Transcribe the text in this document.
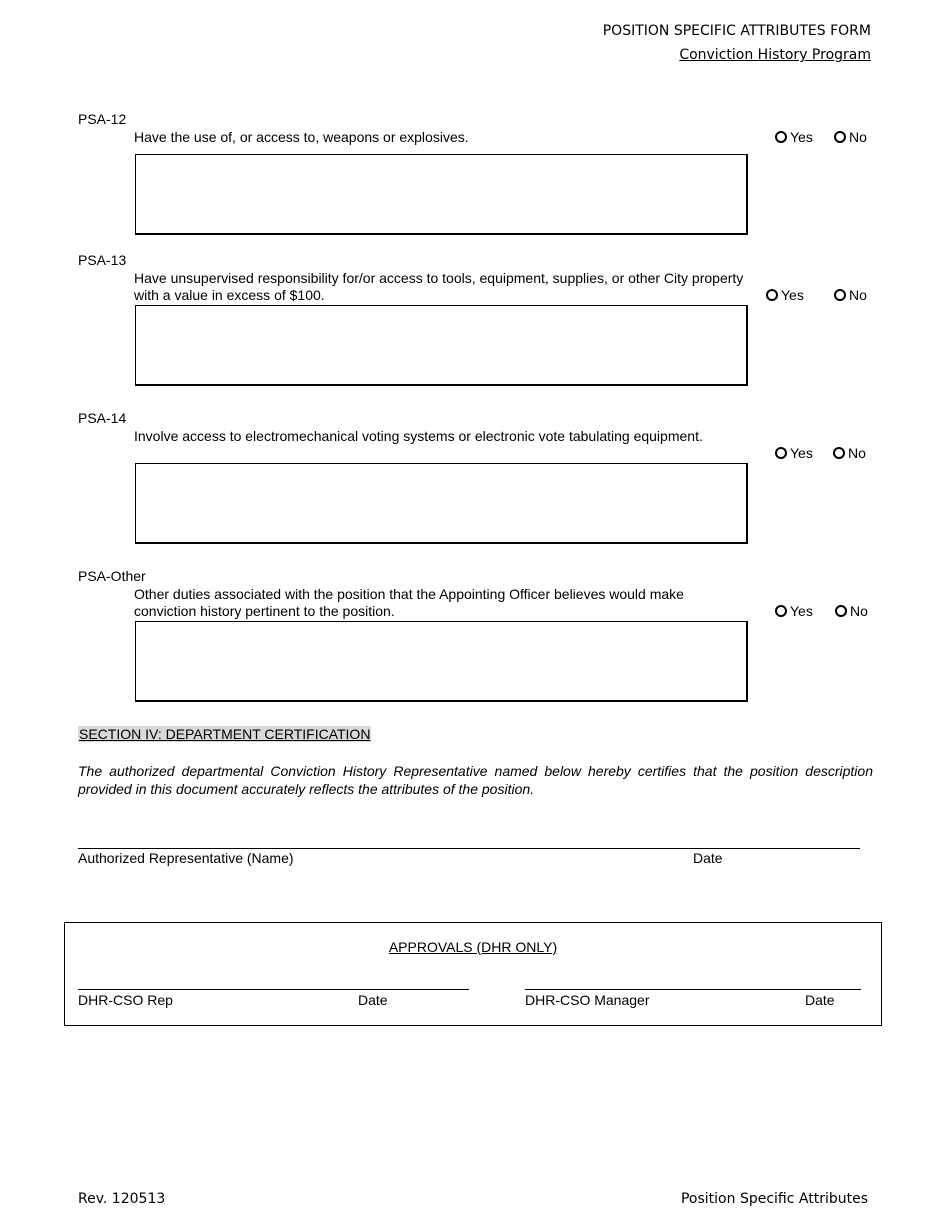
POSITION SPECIFIC ATTRIBUTES FORM
Conviction History Program
PSA-12
Have the use of, or access to, weapons or explosives.	Yes	No
PSA-13
Have unsupervised responsibility for/or access to tools, equipment, supplies, or other City property with a value in excess of $100.	Yes	No
PSA-14
Involve access to electromechanical voting systems or electronic vote tabulating equipment.
Yes	No
PSA-Other
Other duties associated with the position that the Appointing Officer believes would make conviction history pertinent to the position.	Yes	No
SECTION IV: DEPARTMENT CERTIFICATION
The authorized departmental Conviction History Representative named below hereby certifies that the position description provided in this document accurately reflects the attributes of the position.
Authorized Representative (Name)	Date
APPROVALS (DHR ONLY)
DHR-CSO Rep	Date	DHR-CSO Manager	Date
Rev. 120513	Position Specific Attributes
